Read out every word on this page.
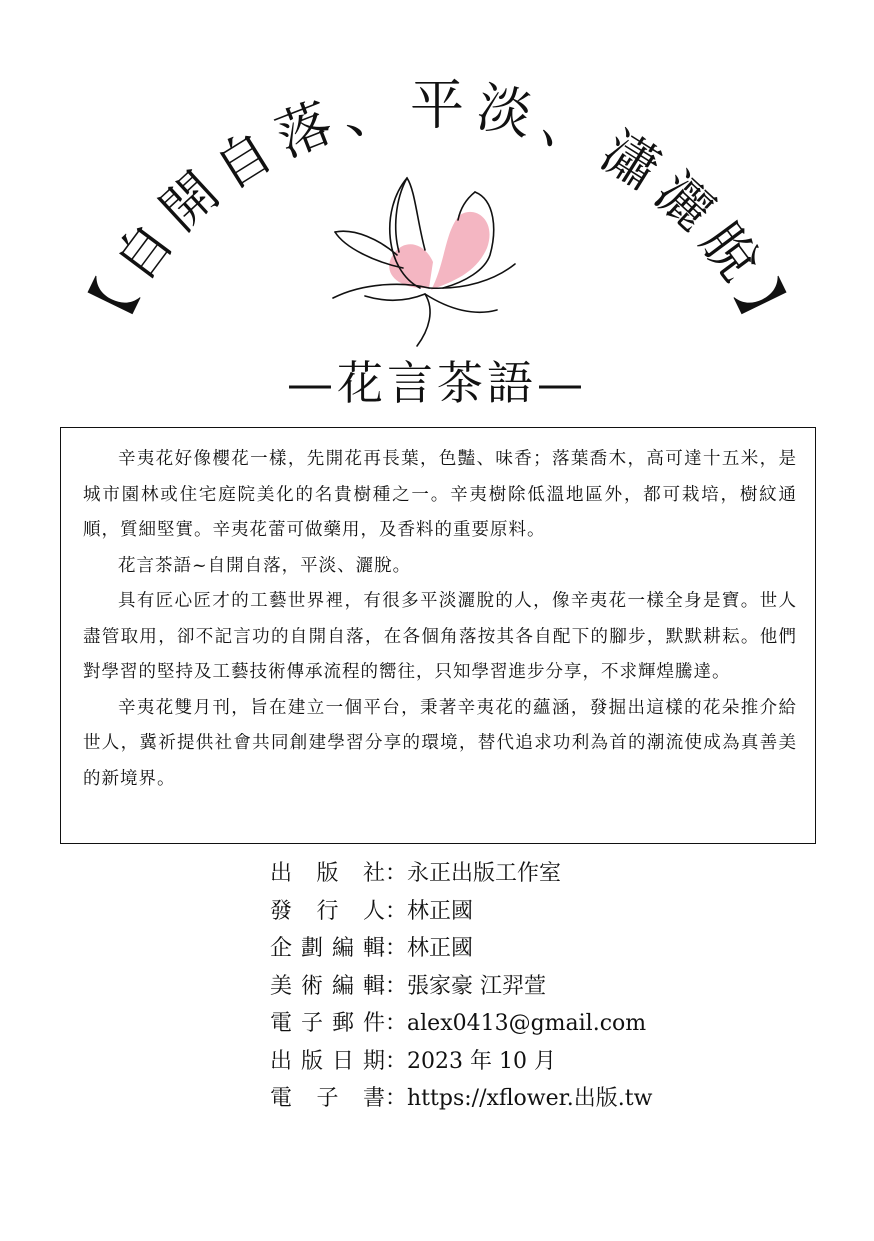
【
自
開
自
落
、 平 淡
、
瀟
灑
脫
】
—花言茶語—

辛夷花好像櫻花一樣，先開花再長葉，色豔、味香；落葉喬木，高可達十五米，是城市園林或住宅庭院美化的名貴樹種之一。辛夷樹除低溫地區外，都可栽培，樹紋通順，質細堅實。辛夷花蕾可做藥用，及香料的重要原料。

花言茶語~自開自落，平淡、灑脫。

具有匠心匠才的工藝世界裡，有很多平淡灑脫的人，像辛夷花一樣全身是寶。世人盡管取用，卻不記言功的自開自落，在各個角落按其各自配下的腳步，默默耕耘。他們對學習的堅持及工藝技術傳承流程的嚮往，只知學習進步分享，不求輝煌騰達。

辛夷花雙月刊，旨在建立一個平台，秉著辛夷花的蘊涵，發掘出這樣的花朵推介給世人，冀祈提供社會共同創建學習分享的環境，替代追求功利為首的潮流使成為真善美的新境界。

出版社：永正出版工作室
發行人：林正國
企劃編輯：林正國
美術編輯：張家豪 江羿萱
電子郵件：alex0413@gmail.com
出版日期：2023 年 10 月
電子書：https://xflower.出版.tw
